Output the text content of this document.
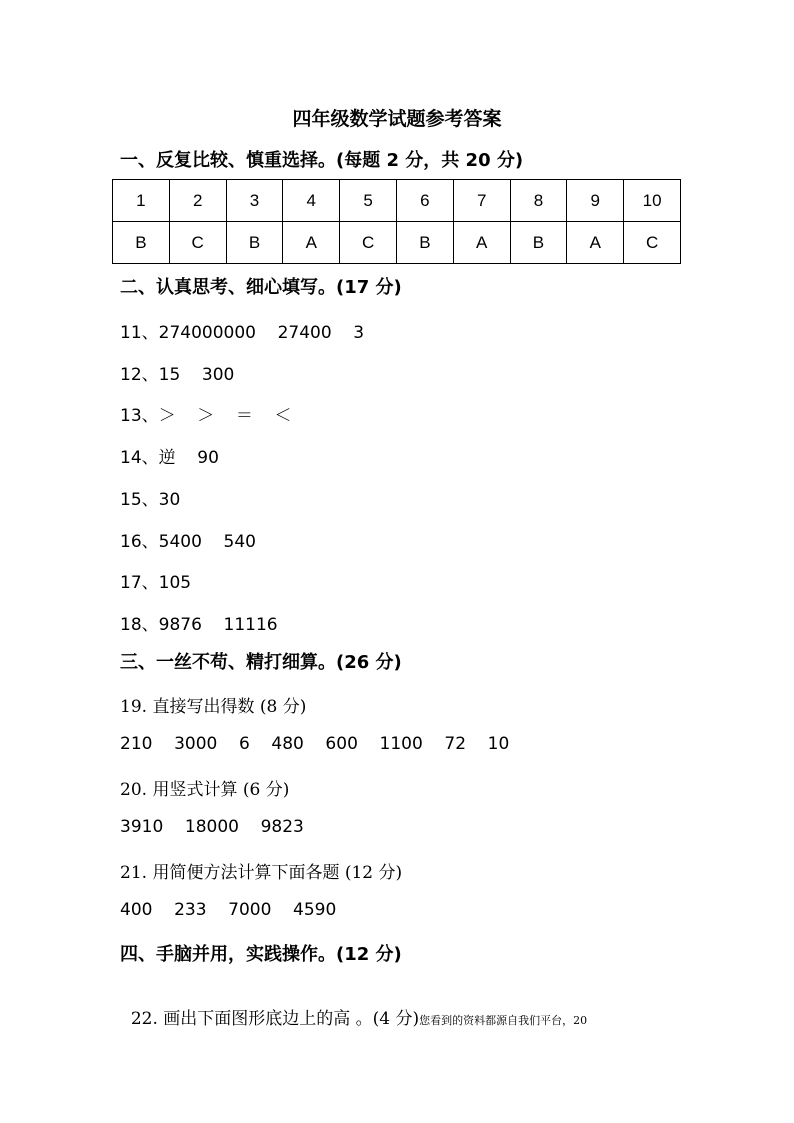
四年级数学试题参考答案
一、反复比较、慎重选择。(每题 2 分，共 20 分)
1	2	3	4	5	6	7	8	9	10
B	C	B	A	C	B	A	B	A	C
二、认真思考、细心填写。(17 分)
11、274000000    27400    3
12、15    300
13、＞    ＞    ＝    ＜
14、逆    90
15、30
16、5400    540
17、105
18、9876    11116
三、一丝不苟、精打细算。(26 分)
19. 直接写出得数 (8 分)
210    3000    6    480    600    1100    72    10
20. 用竖式计算 (6 分)
3910    18000    9823
21. 用简便方法计算下面各题 (12 分)
400    233    7000    4590
四、手脑并用，实践操作。(12 分)

22. 画出下面图形底边上的高 。(4 分)您看到的资料都源自我们平台，20
